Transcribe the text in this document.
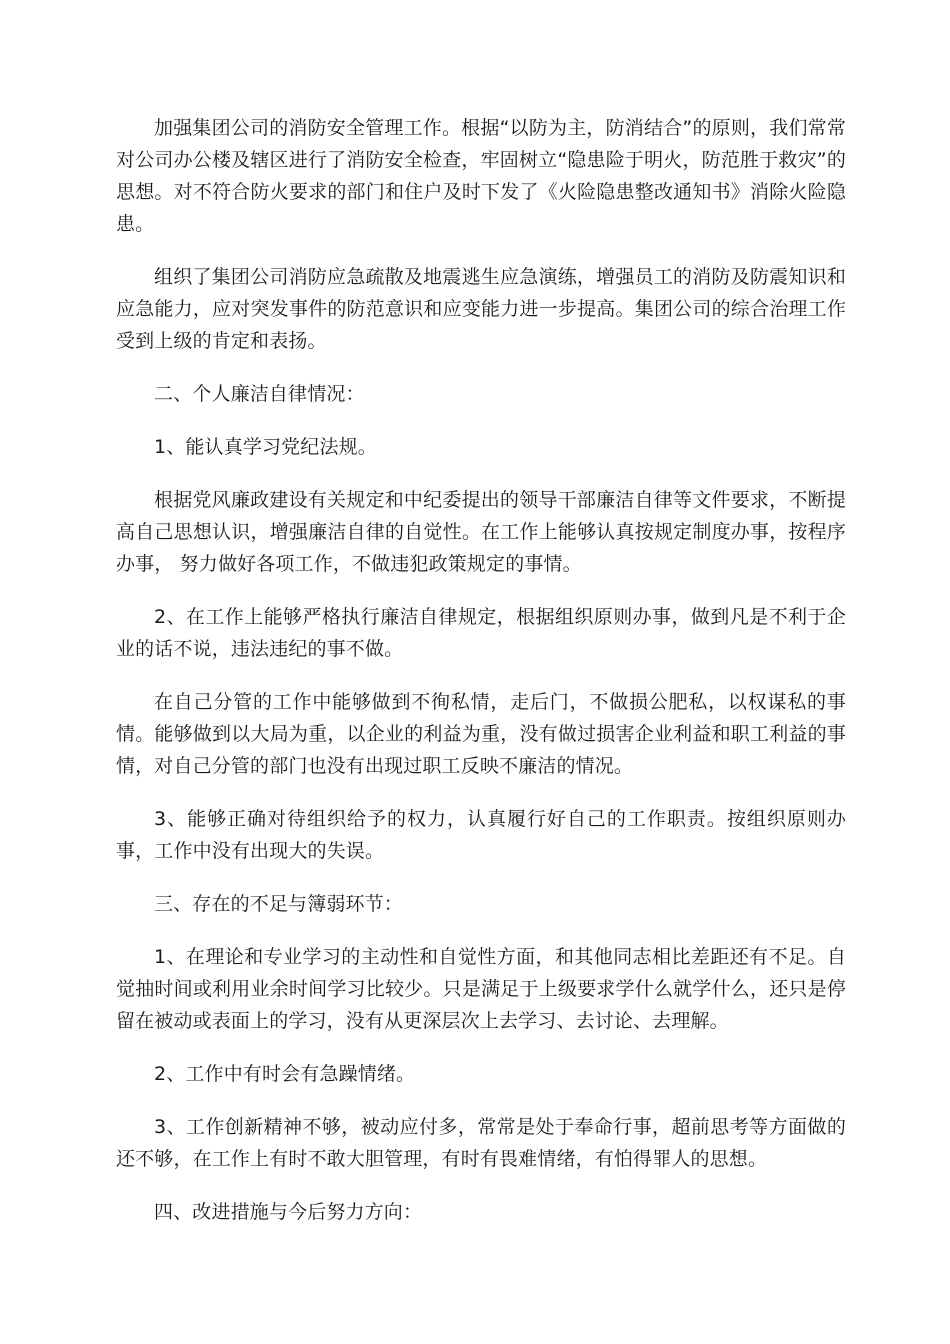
加强集团公司的消防安全管理工作。根据“以防为主，防消结合”的原则，我们常常对公司办公楼及辖区进行了消防安全检查，牢固树立“隐患险于明火，防范胜于救灾”的思想。对不符合防火要求的部门和住户及时下发了《火险隐患整改通知书》消除火险隐患。

组织了集团公司消防应急疏散及地震逃生应急演练，增强员工的消防及防震知识和应急能力，应对突发事件的防范意识和应变能力进一步提高。集团公司的综合治理工作受到上级的肯定和表扬。

二、个人廉洁自律情况：

1、能认真学习党纪法规。

根据党风廉政建设有关规定和中纪委提出的领导干部廉洁自律等文件要求，不断提高自己思想认识，增强廉洁自律的自觉性。在工作上能够认真按规定制度办事，按程序办事， 努力做好各项工作，不做违犯政策规定的事情。

2、在工作上能够严格执行廉洁自律规定，根据组织原则办事，做到凡是不利于企业的话不说，违法违纪的事不做。

在自己分管的工作中能够做到不徇私情，走后门，不做损公肥私，以权谋私的事情。能够做到以大局为重，以企业的利益为重，没有做过损害企业利益和职工利益的事情，对自己分管的部门也没有出现过职工反映不廉洁的情况。

3、能够正确对待组织给予的权力，认真履行好自己的工作职责。按组织原则办事，工作中没有出现大的失误。

三、存在的不足与簿弱环节：

1、在理论和专业学习的主动性和自觉性方面，和其他同志相比差距还有不足。自觉抽时间或利用业余时间学习比较少。只是满足于上级要求学什么就学什么，还只是停留在被动或表面上的学习，没有从更深层次上去学习、去讨论、去理解。

2、工作中有时会有急躁情绪。

3、工作创新精神不够，被动应付多，常常是处于奉命行事，超前思考等方面做的还不够，在工作上有时不敢大胆管理，有时有畏难情绪，有怕得罪人的思想。

四、改进措施与今后努力方向：
